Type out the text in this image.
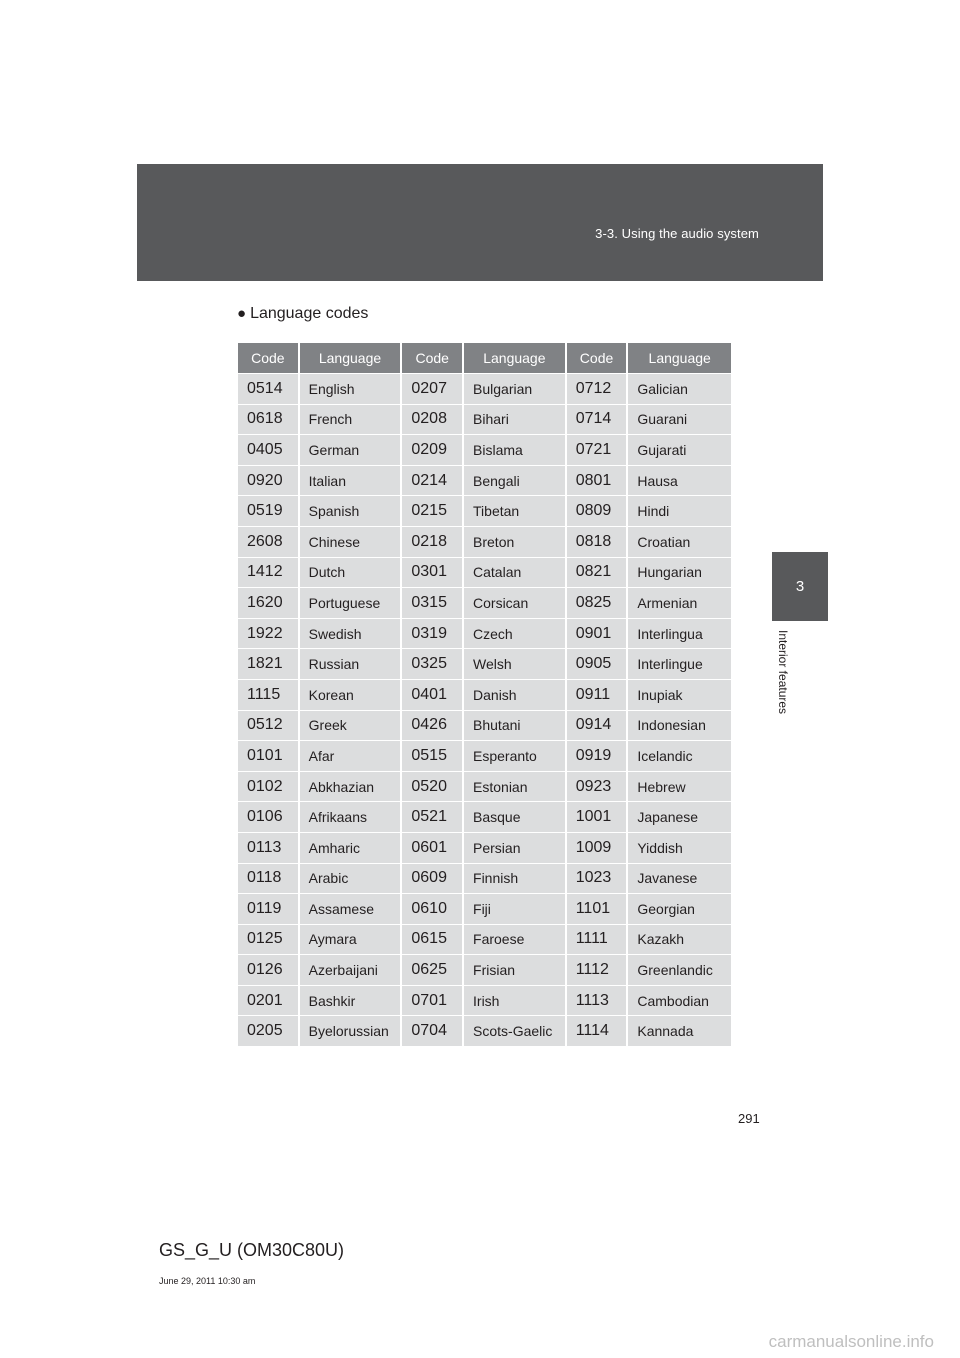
3-3. Using the audio system
3
Interior features
● Language codes
Code	Language	Code	Language	Code	Language
0514	English	0207	Bulgarian	0712	Galician
0618	French	0208	Bihari	0714	Guarani
0405	German	0209	Bislama	0721	Gujarati
0920	Italian	0214	Bengali	0801	Hausa
0519	Spanish	0215	Tibetan	0809	Hindi
2608	Chinese	0218	Breton	0818	Croatian
1412	Dutch	0301	Catalan	0821	Hungarian
1620	Portuguese	0315	Corsican	0825	Armenian
1922	Swedish	0319	Czech	0901	Interlingua
1821	Russian	0325	Welsh	0905	Interlingue
1115	Korean	0401	Danish	0911	Inupiak
0512	Greek	0426	Bhutani	0914	Indonesian
0101	Afar	0515	Esperanto	0919	Icelandic
0102	Abkhazian	0520	Estonian	0923	Hebrew
0106	Afrikaans	0521	Basque	1001	Japanese
0113	Amharic	0601	Persian	1009	Yiddish
0118	Arabic	0609	Finnish	1023	Javanese
0119	Assamese	0610	Fiji	1101	Georgian
0125	Aymara	0615	Faroese	1111	Kazakh
0126	Azerbaijani	0625	Frisian	1112	Greenlandic
0201	Bashkir	0701	Irish	1113	Cambodian
0205	Byelorussian	0704	Scots-Gaelic	1114	Kannada
291
GS_G_U (OM30C80U)
June 29, 2011 10:30 am
carmanualsonline.info
